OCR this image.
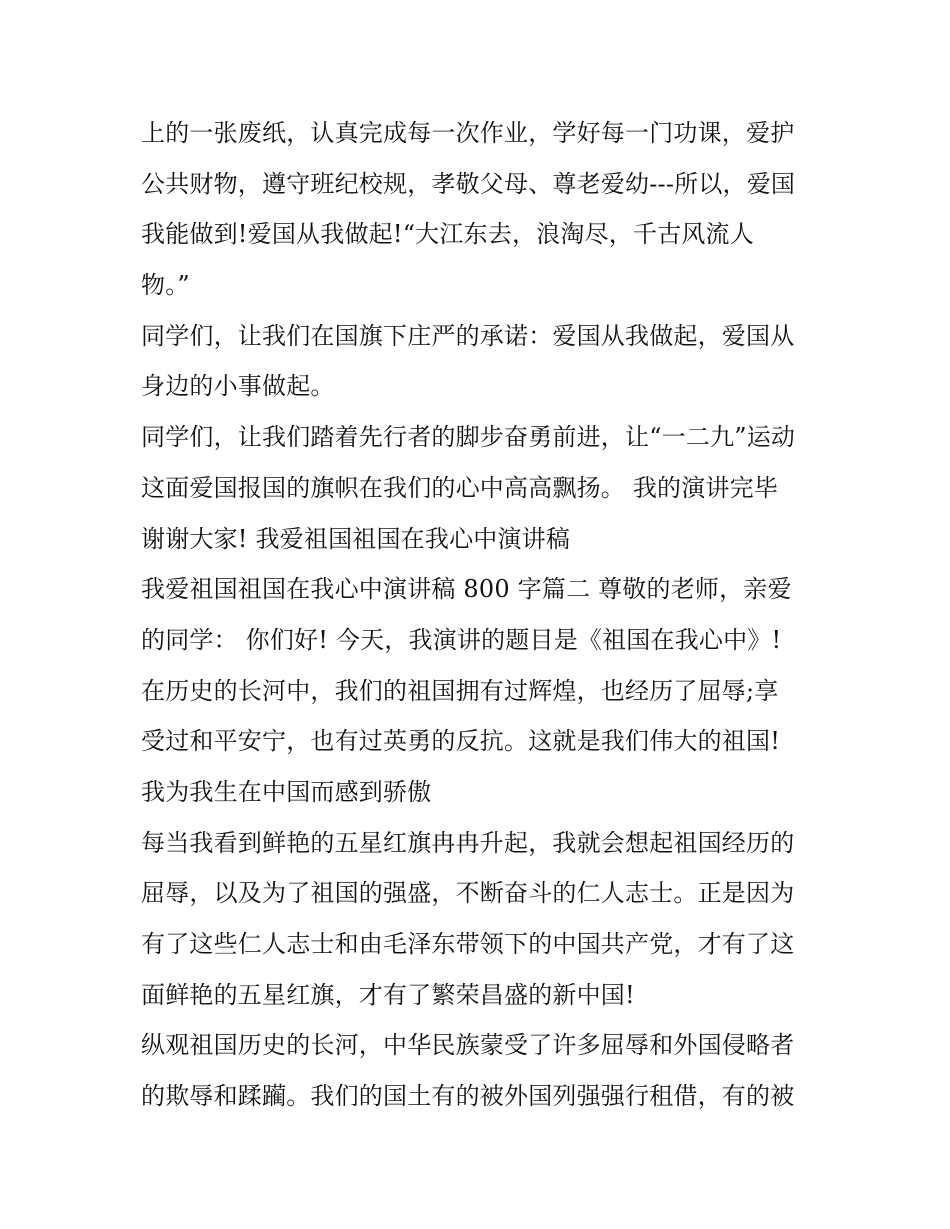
上的一张废纸，认真完成每一次作业，学好每一门功课，爱护
公共财物，遵守班纪校规，孝敬父母、尊老爱幼---所以，爱国
我能做到!爱国从我做起!“大江东去，浪淘尽，千古风流人
物。”
同学们，让我们在国旗下庄严的承诺：爱国从我做起，爱国从
身边的小事做起。
同学们，让我们踏着先行者的脚步奋勇前进，让“一二九”运动
这面爱国报国的旗帜在我们的心中高高飘扬。 我的演讲完毕
谢谢大家! 我爱祖国祖国在我心中演讲稿
我爱祖国祖国在我心中演讲稿 800 字篇二 尊敬的老师，亲爱
的同学： 你们好! 今天，我演讲的题目是《祖国在我心中》!
在历史的长河中，我们的祖国拥有过辉煌，也经历了屈辱;享
受过和平安宁，也有过英勇的反抗。这就是我们伟大的祖国!
我为我生在中国而感到骄傲
每当我看到鲜艳的五星红旗冉冉升起，我就会想起祖国经历的
屈辱，以及为了祖国的强盛，不断奋斗的仁人志士。正是因为
有了这些仁人志士和由毛泽东带领下的中国共产党，才有了这
面鲜艳的五星红旗，才有了繁荣昌盛的新中国!
纵观祖国历史的长河，中华民族蒙受了许多屈辱和外国侵略者
的欺辱和蹂躏。我们的国土有的被外国列强强行租借，有的被
